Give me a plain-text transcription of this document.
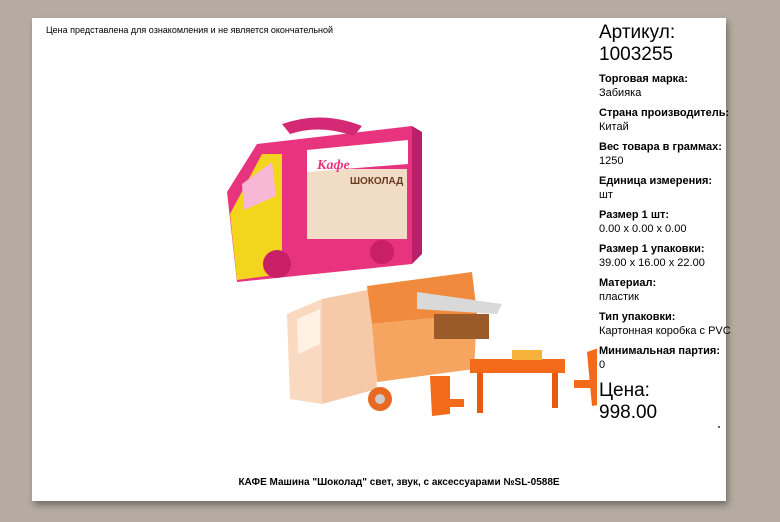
Цена представлена для ознакомления и не является окончательной
Кафе
ШОКОЛАД
Артикул:
1003255
Торговая марка:
Забияка
Страна производитель:
Китай
Вес товара в граммах:
1250
Единица измерения:
шт
Размер 1 шт:
0.00 x 0.00 x 0.00
Размер 1 упаковки:
39.00 x 16.00 x 22.00
Материал:
пластик
Тип упаковки:
Картонная коробка с PVC
Минимальная партия:
0
Цена:
998.00
КАФЕ Машина "Шоколад" свет, звук, с аксессуарами №SL-0588E
